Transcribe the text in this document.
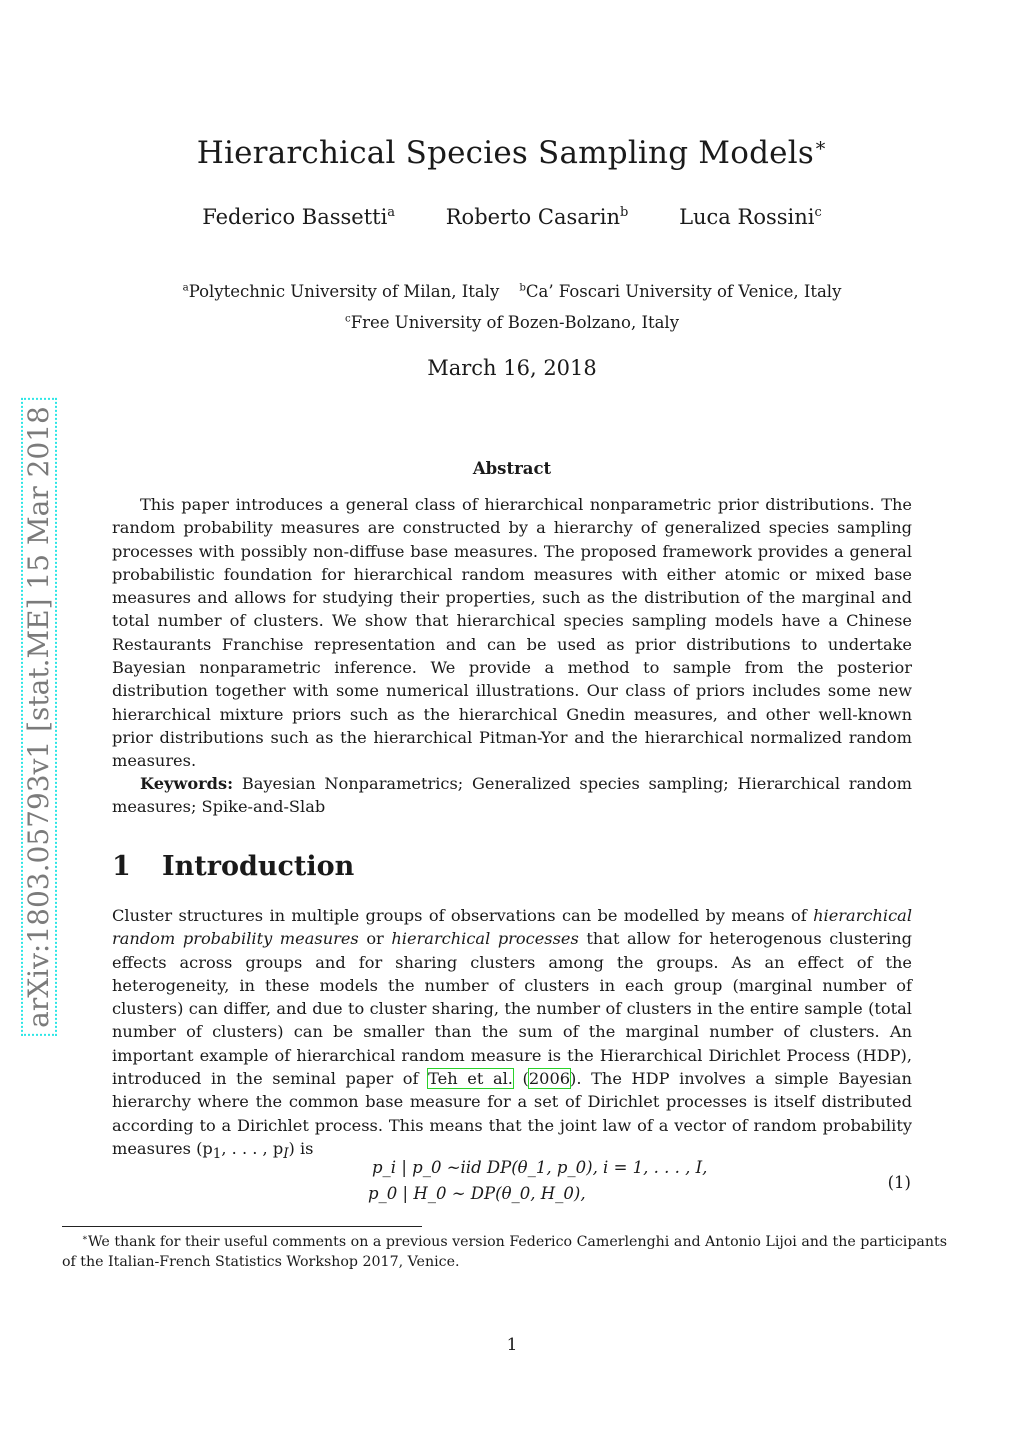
arXiv:1803.05793v1 [stat.ME] 15 Mar 2018
Hierarchical Species Sampling Models∗
Federico Bassetti$^a$ Roberto Casarin$^b$ Luca Rossini$^c$
$^a$Polytechnic University of Milan, Italy $^b$Ca’ Foscari University of Venice, Italy
$^c$Free University of Bozen-Bolzano, Italy
March 16, 2018
Abstract
This paper introduces a general class of hierarchical nonparametric prior distributions. The random probability measures are constructed by a hierarchy of generalized species sampling processes with possibly non-diffuse base measures. The proposed framework provides a general probabilistic foundation for hierarchical random measures with either atomic or mixed base measures and allows for studying their properties, such as the distribution of the marginal and total number of clusters. We show that hierarchical species sampling models have a Chinese Restaurants Franchise representation and can be used as prior distributions to undertake Bayesian nonparametric inference. We provide a method to sample from the posterior distribution together with some numerical illustrations. Our class of priors includes some new hierarchical mixture priors such as the hierarchical Gnedin measures, and other well-known prior distributions such as the hierarchical Pitman-Yor and the hierarchical normalized random measures.
Keywords: Bayesian Nonparametrics; Generalized species sampling; Hierarchical random measures; Spike-and-Slab
1 Introduction
Cluster structures in multiple groups of observations can be modelled by means of hierarchical random probability measures or hierarchical processes that allow for heterogenous clustering effects across groups and for sharing clusters among the groups. As an effect of the heterogeneity, in these models the number of clusters in each group (marginal number of clusters) can differ, and due to cluster sharing, the number of clusters in the entire sample (total number of clusters) can be smaller than the sum of the marginal number of clusters. An important example of hierarchical random measure is the Hierarchical Dirichlet Process (HDP), introduced in the seminal paper of Teh et al. (2006). The HDP involves a simple Bayesian hierarchy where the common base measure for a set of Dirichlet processes is itself distributed according to a Dirichlet process. This means that the joint law of a vector of random probability measures ($p_1$, . . . , $p_I$) is
p_i | p_0 ~iid DP(θ_1, p_0), i = 1, . . . , I,
p_0 | H_0 ∼ DP(θ_0, H_0),
(1)
∗We thank for their useful comments on a previous version Federico Camerlenghi and Antonio Lijoi and the participants of the Italian-French Statistics Workshop 2017, Venice.
1
